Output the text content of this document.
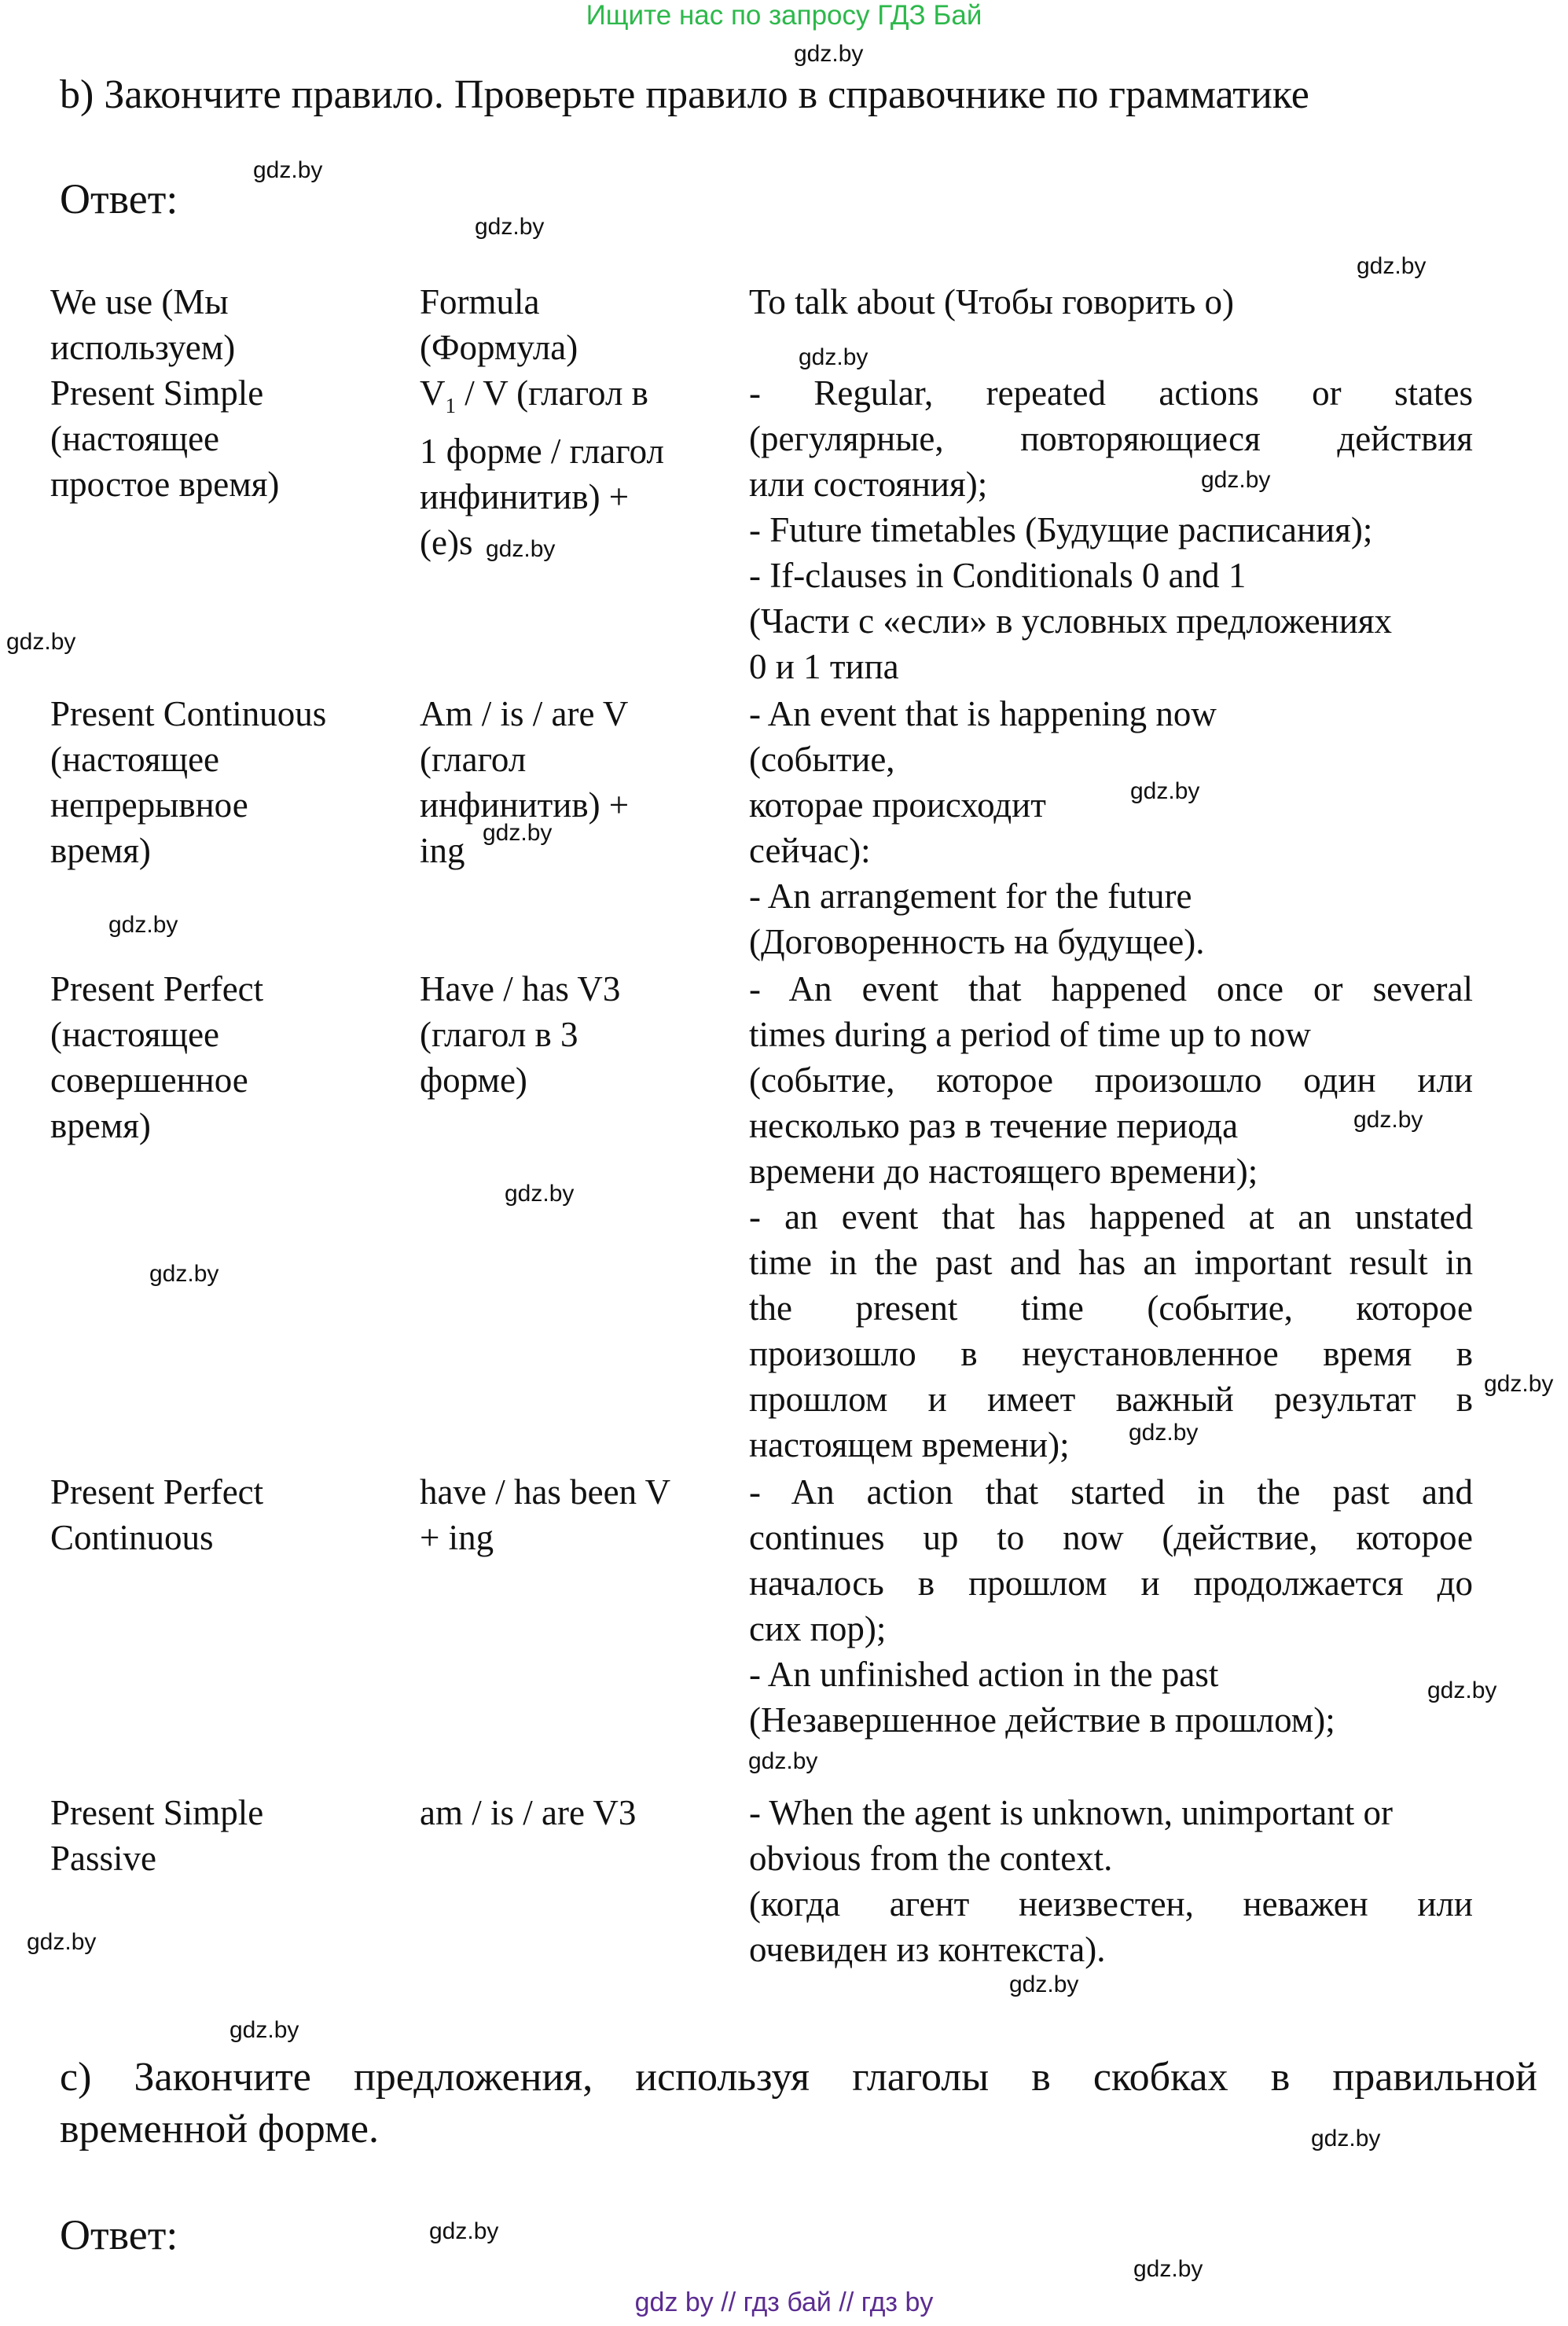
Ищите нас по запросу ГДЗ Бай
b) Закончите правило. Проверьте правило в справочнике по грамматике
Ответ:
We use (Мы
используем)
Formula
(Формула)
To talk about (Чтобы говорить о)
Present Simple
(настоящее
простое время)
$V_1$ / V (глагол в
1 форме / глагол
инфинитив) +
(e)s
- Regular, repeated actions or states
(регулярные, повторяющиеся действия
или состояния);
- Future timetables (Будущие расписания);
- If-clauses in Conditionals 0 and 1
(Части с «если» в условных предложениях
0 и 1 типа
Present Continuous
(настоящее
непрерывное
время)
Am / is / are V
(глагол
инфинитив) +
ing
- An event that is happening now
(событие,
которае происходит
сейчас):
- An arrangement for the future
(Договоренность на будущее).
Present Perfect
(настоящее
совершенное
время)
Have / has V3
(глагол в 3
форме)
- An event that happened once or several
times during a period of time up to now
(событие, которое произошло один или
несколько раз в течение периода
времени до настоящего времени);
- an event that has happened at an unstated
time in the past and has an important result in
the present time (событие, которое
произошло в неустановленное время в
прошлом и имеет важный результат в
настоящем времени);
Present Perfect
Continuous
have / has been V
+ ing
- An action that started in the past and
continues up to now (действие, которое
началось в прошлом и продолжается до
сих пор);
- An unfinished action in the past
(Незавершенное действие в прошлом);
Present Simple
Passive
am / is / are V3	- When the agent is unknown, unimportant or
obvious from the context.
(когда агент неизвестен, неважен или
очевиден из контекста).
c) Закончите предложения, используя глаголы в скобках в правильной
временной форме.
Ответ:
gdz.by
gdz.by
gdz.by
gdz.by
gdz.by
gdz.by
gdz.by
gdz.by
gdz.by
gdz.by
gdz.by
gdz.by
gdz.by
gdz.by
gdz.by
gdz.by
gdz.by
gdz.by
gdz.by
gdz.by
gdz.by
gdz.by
gdz.by
gdz.by
gdz by // гдз бай // гдз by
